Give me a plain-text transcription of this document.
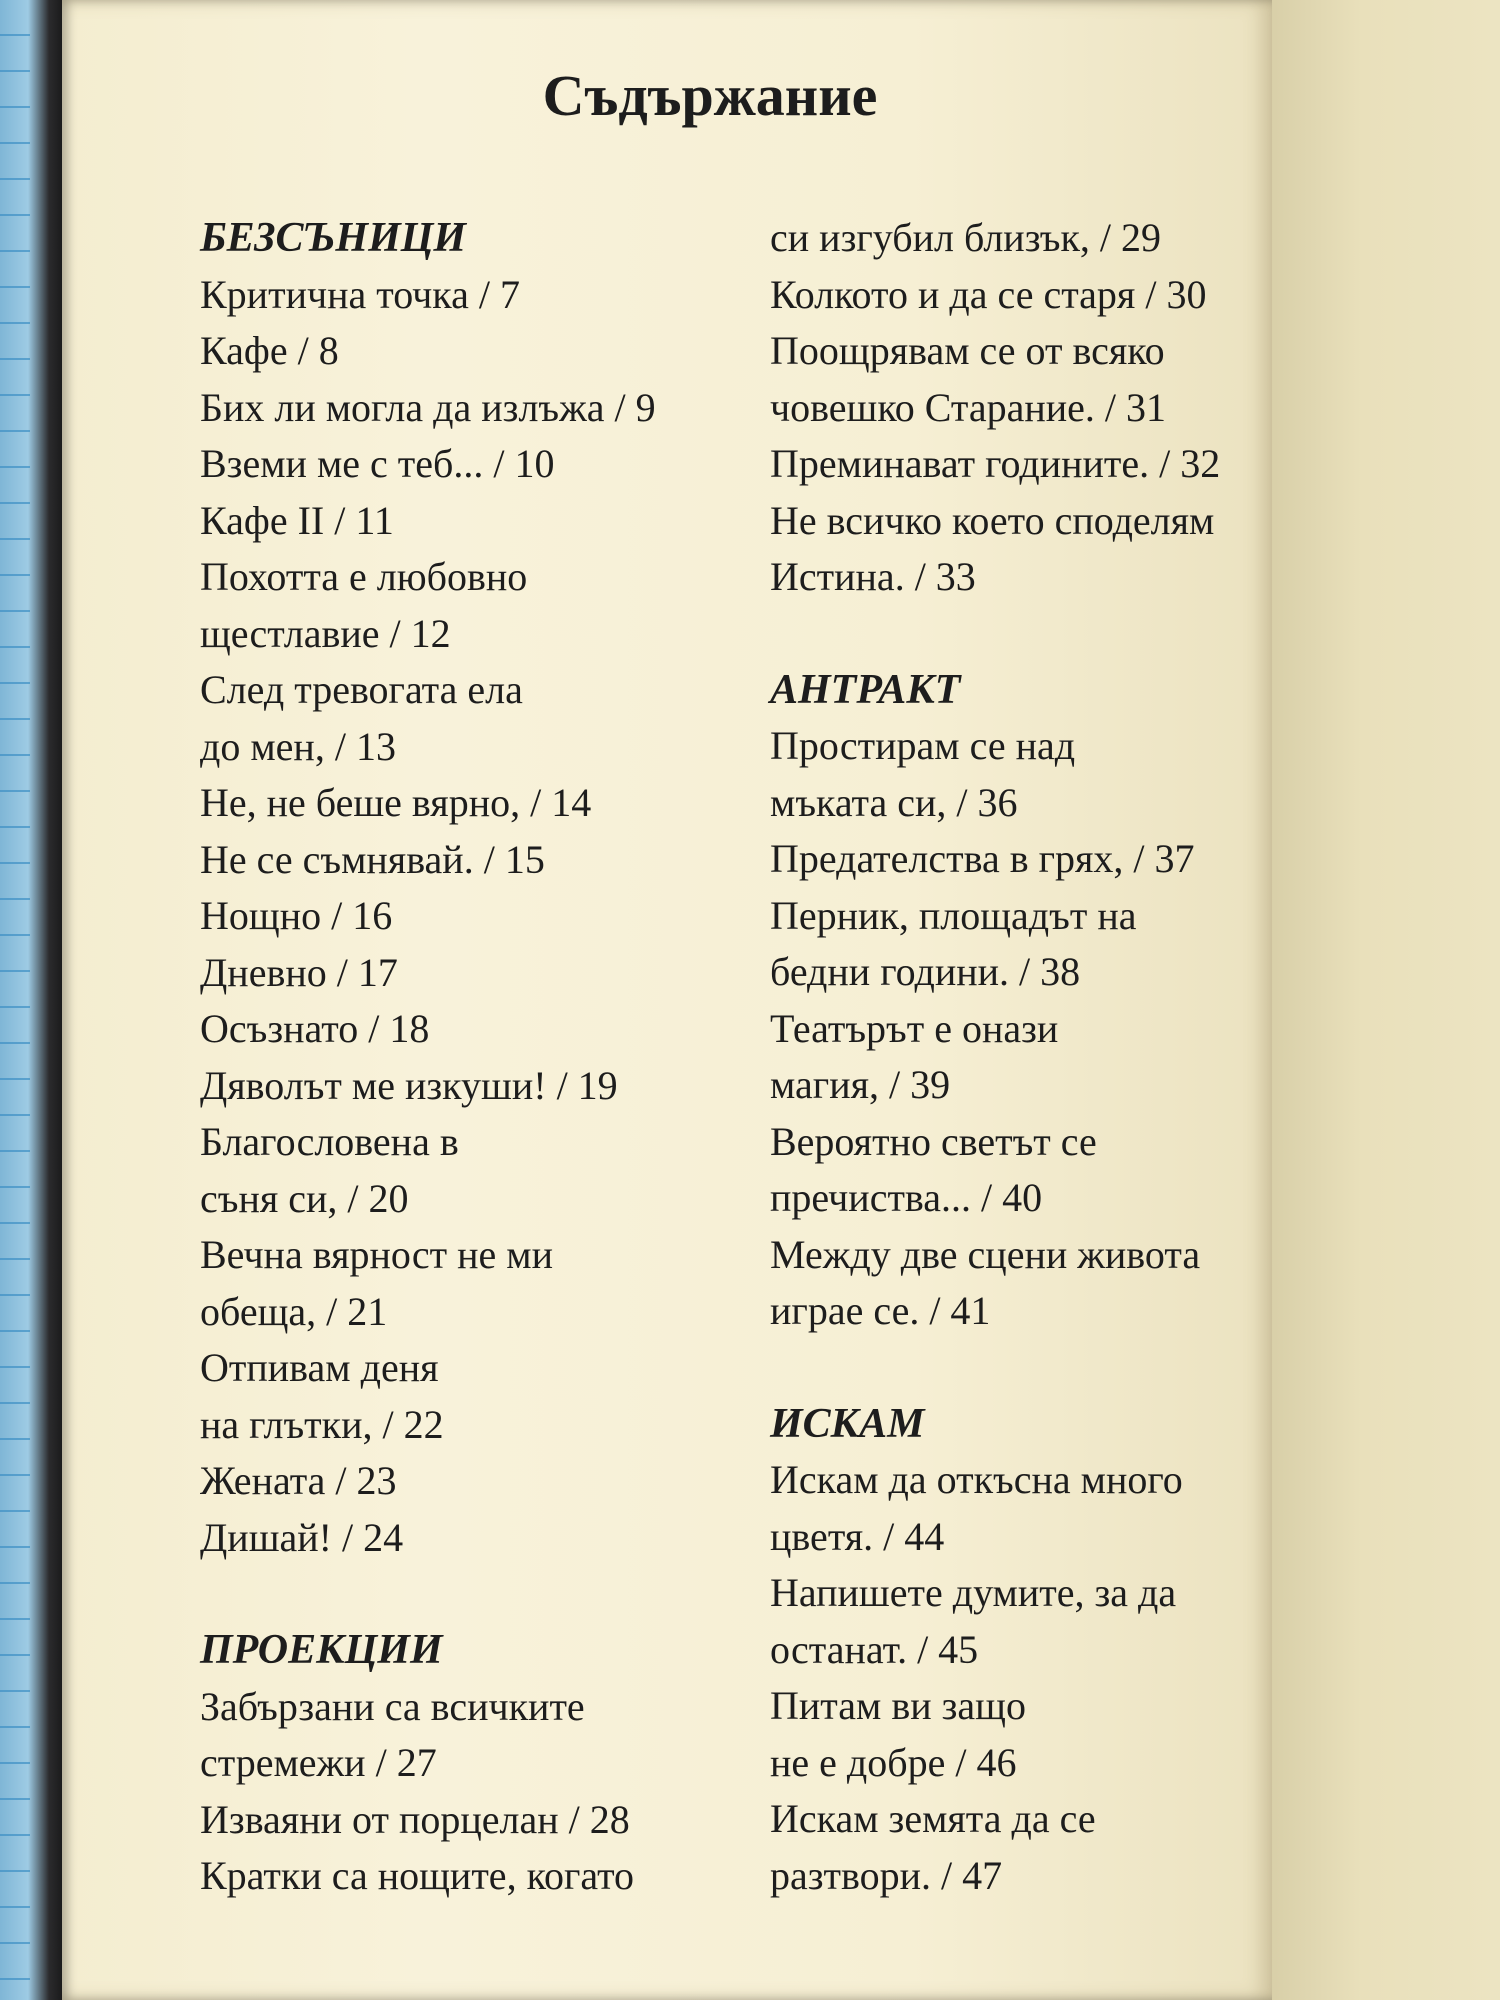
Съдържание
БЕЗСЪНИЦИ
Критична точка / 7
Кафе / 8
Бих ли могла да излъжа / 9
Вземи ме с теб... / 10
Кафе II / 11
Похотта е любовно
щестлавие / 12
След тревогата ела
до мен, / 13
Не, не беше вярно, / 14
Не се съмнявай. / 15
Нощно / 16
Дневно / 17
Осъзнато / 18
Дяволът ме изкуши! / 19
Благословена в
съня си, / 20
Вечна вярност не ми
обеща, / 21
Отпивам деня
на глътки, / 22
Жената / 23
Дишай! / 24
ПРОЕКЦИИ
Забързани са всичките
стремежи / 27
Изваяни от порцелан / 28
Кратки са нощите, когато
си изгубил близък, / 29
Колкото и да се старя / 30
Поощрявам се от всяко
човешко Старание. / 31
Преминават годините. / 32
Не всичко което споделям
Истина. / 33
АНТРАКТ
Простирам се над
мъката си, / 36
Предателства в грях, / 37
Перник, площадът на
бедни години. / 38
Театърът е онази
магия, / 39
Вероятно светът се
пречиства... / 40
Между две сцени живота
играе се. / 41
ИСКАМ
Искам да откъсна много
цветя. / 44
Напишете думите, за да
останат. / 45
Питам ви защо
не е добре / 46
Искам земята да се
разтвори. / 47
